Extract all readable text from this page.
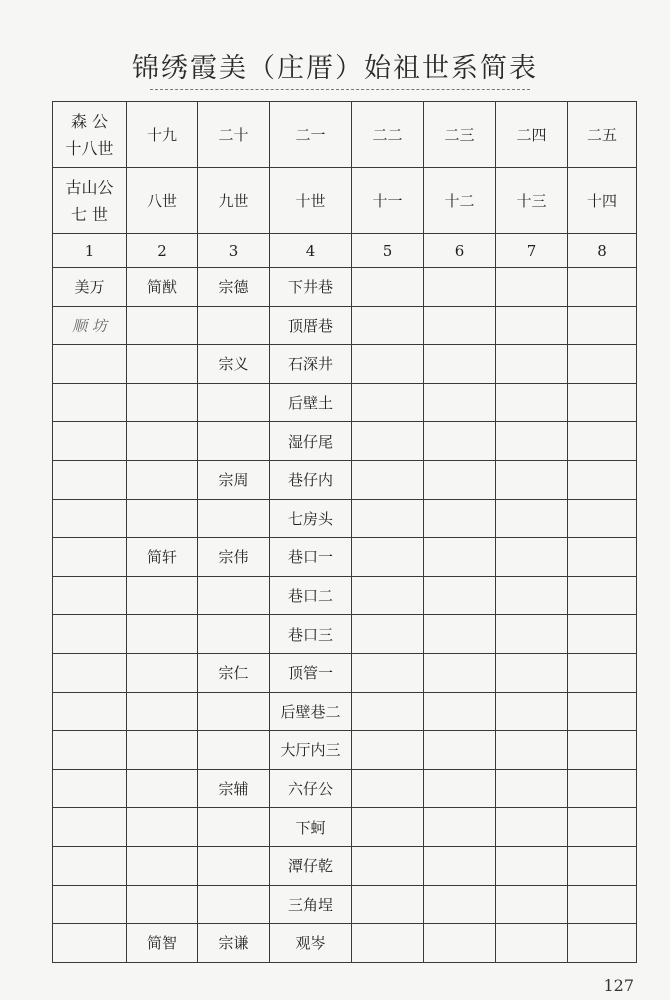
锦绣霞美（庄厝）始祖世系简表
森 公
十八世	十九	二十	二一	二二	二三	二四	二五

古山公
七 世	八世	九世	十世	十一	十二	十三	十四
1	2	3	4	5	6	7	8
美万	简猷	宗德	下井巷				
顺 坊			顶厝巷				
		宗义	石深井				
			后壁土				
			湿仔尾				
		宗周	巷仔内				
			七房头				
	简轩	宗伟	巷口一				
			巷口二				
			巷口三				
		宗仁	顶管一				
			后壁巷二				
			大厅内三				
		宗辅	六仔公				
			下蚵				
			潭仔乾				
			三角埕				
	简智	宗谦	观岑				
127
